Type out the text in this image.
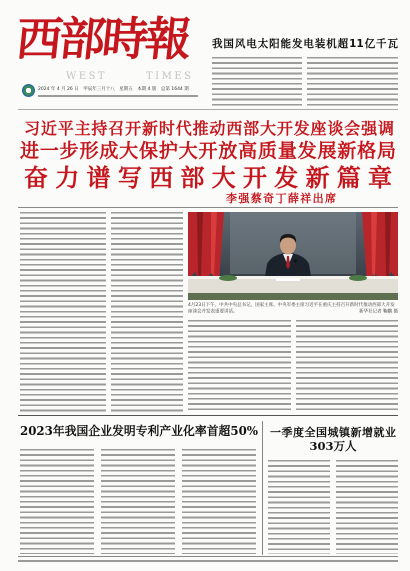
西部時報
WEST	TIMES
2024 年 4 月 26 日　甲辰年三月十八　星期五　本期 4 版　总第 1644 期
我国风电太阳能发电装机超11亿千瓦
习近平主持召开新时代推动西部大开发座谈会强调
进一步形成大保护大开放高质量发展新格局
奋力谱写西部大开发新篇章
李强蔡奇丁薛祥出席
4月23日下午，中共中央总书记、国家主席、中央军委主席习近平在重庆主持召开新时代推动西部大开发座谈会并发表重要讲话。	新华社记者 鞠鹏 摄
2023年我国企业发明专利产业化率首超50% 一季度全国城镇新增就业
303万人
